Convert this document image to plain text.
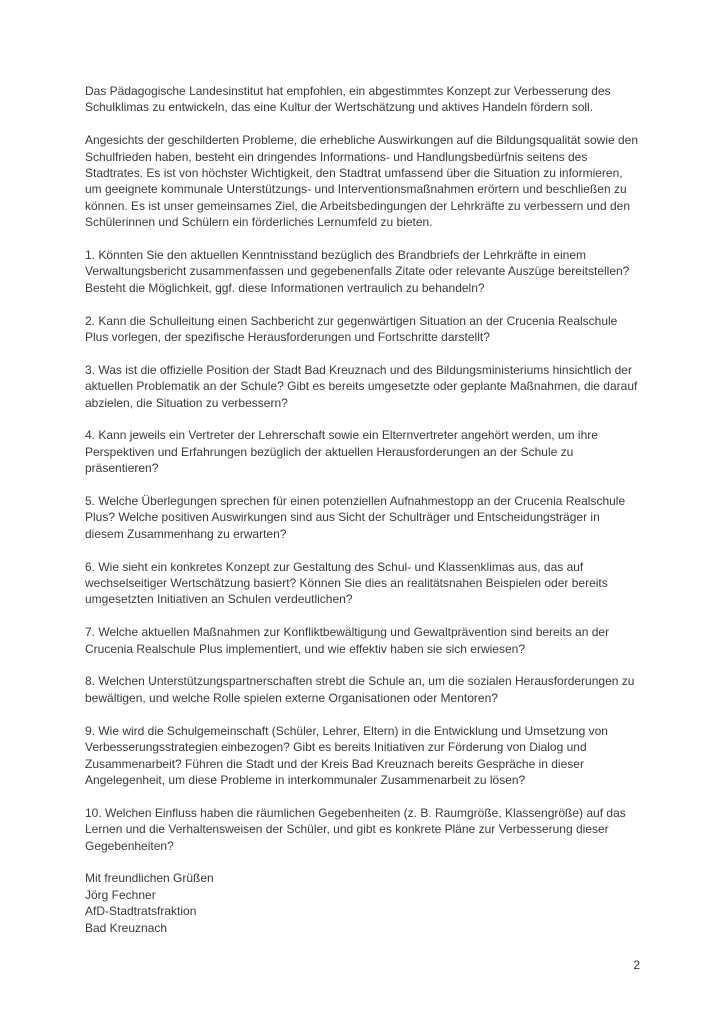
Das Pädagogische Landesinstitut hat empfohlen, ein abgestimmtes Konzept zur Verbesserung des Schulklimas zu entwickeln, das eine Kultur der Wertschätzung und aktives Handeln fördern soll.

Angesichts der geschilderten Probleme, die erhebliche Auswirkungen auf die Bildungsqualität sowie den Schulfrieden haben, besteht ein dringendes Informations- und Handlungsbedürfnis seitens des Stadtrates. Es ist von höchster Wichtigkeit, den Stadtrat umfassend über die Situation zu informieren, um geeignete kommunale Unterstützungs- und Interventionsmaßnahmen erörtern und beschließen zu können. Es ist unser gemeinsames Ziel, die Arbeitsbedingungen der Lehrkräfte zu verbessern und den Schülerinnen und Schülern ein förderliches Lernumfeld zu bieten.

1. Könnten Sie den aktuellen Kenntnisstand bezüglich des Brandbriefs der Lehrkräfte in einem Verwaltungsbericht zusammenfassen und gegebenenfalls Zitate oder relevante Auszüge bereitstellen? Besteht die Möglichkeit, ggf. diese Informationen vertraulich zu behandeln?

2. Kann die Schulleitung einen Sachbericht zur gegenwärtigen Situation an der Crucenia Realschule Plus vorlegen, der spezifische Herausforderungen und Fortschritte darstellt?

3. Was ist die offizielle Position der Stadt Bad Kreuznach und des Bildungsministeriums hinsichtlich der aktuellen Problematik an der Schule? Gibt es bereits umgesetzte oder geplante Maßnahmen, die darauf abzielen, die Situation zu verbessern?

4. Kann jeweils ein Vertreter der Lehrerschaft sowie ein Elternvertreter angehört werden, um ihre Perspektiven und Erfahrungen bezüglich der aktuellen Herausforderungen an der Schule zu präsentieren?

5. Welche Überlegungen sprechen für einen potenziellen Aufnahmestopp an der Crucenia Realschule Plus? Welche positiven Auswirkungen sind aus Sicht der Schulträger und Entscheidungsträger in diesem Zusammenhang zu erwarten?

6. Wie sieht ein konkretes Konzept zur Gestaltung des Schul- und Klassenklimas aus, das auf wechselseitiger Wertschätzung basiert? Können Sie dies an realitätsnahen Beispielen oder bereits umgesetzten Initiativen an Schulen verdeutlichen?

7. Welche aktuellen Maßnahmen zur Konfliktbewältigung und Gewaltprävention sind bereits an der Crucenia Realschule Plus implementiert, und wie effektiv haben sie sich erwiesen?

8. Welchen Unterstützungspartnerschaften strebt die Schule an, um die sozialen Herausforderungen zu bewältigen, und welche Rolle spielen externe Organisationen oder Mentoren?

9. Wie wird die Schulgemeinschaft (Schüler, Lehrer, Eltern) in die Entwicklung und Umsetzung von Verbesserungsstrategien einbezogen? Gibt es bereits Initiativen zur Förderung von Dialog und Zusammenarbeit? Führen die Stadt und der Kreis Bad Kreuznach bereits Gespräche in dieser Angelegenheit, um diese Probleme in interkommunaler Zusammenarbeit zu lösen?

10. Welchen Einfluss haben die räumlichen Gegebenheiten (z. B. Raumgröße, Klassengröße) auf das Lernen und die Verhaltensweisen der Schüler, und gibt es konkrete Pläne zur Verbesserung dieser Gegebenheiten?

Mit freundlichen Grüßen

Jörg Fechner

AfD-Stadtratsfraktion

Bad Kreuznach

2
